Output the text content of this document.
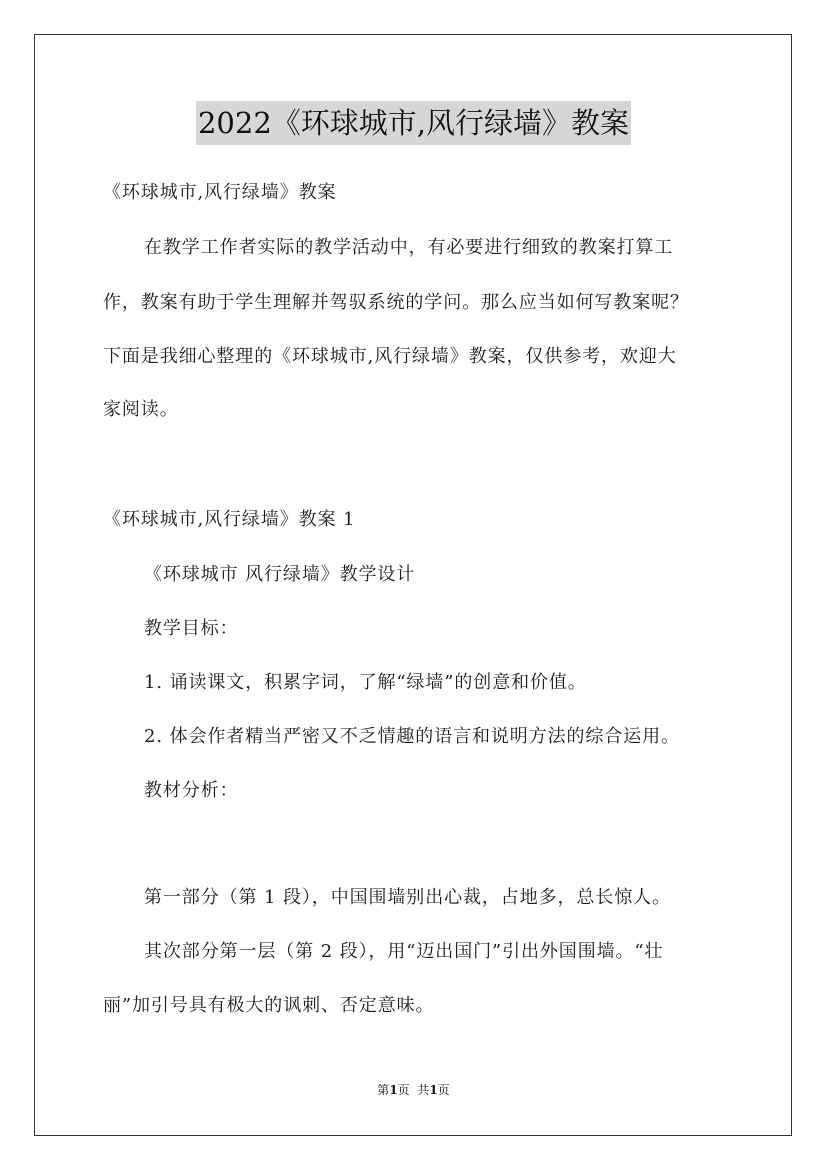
2022《环球城市,风行绿墙》教案
《环球城市,风行绿墙》教案
在教学工作者实际的教学活动中，有必要进行细致的教案打算工
作，教案有助于学生理解并驾驭系统的学问。那么应当如何写教案呢？
下面是我细心整理的《环球城市,风行绿墙》教案，仅供参考，欢迎大
家阅读。
《环球城市,风行绿墙》教案 1
《环球城市 风行绿墙》教学设计
教学目标：
1. 诵读课文，积累字词，了解“绿墙”的创意和价值。
2. 体会作者精当严密又不乏情趣的语言和说明方法的综合运用。
教材分析：
第一部分（第 1 段），中国围墙别出心裁，占地多，总长惊人。
其次部分第一层（第 2 段），用“迈出国门”引出外国围墙。“壮
丽”加引号具有极大的讽刺、否定意味。
第1页  共1页
